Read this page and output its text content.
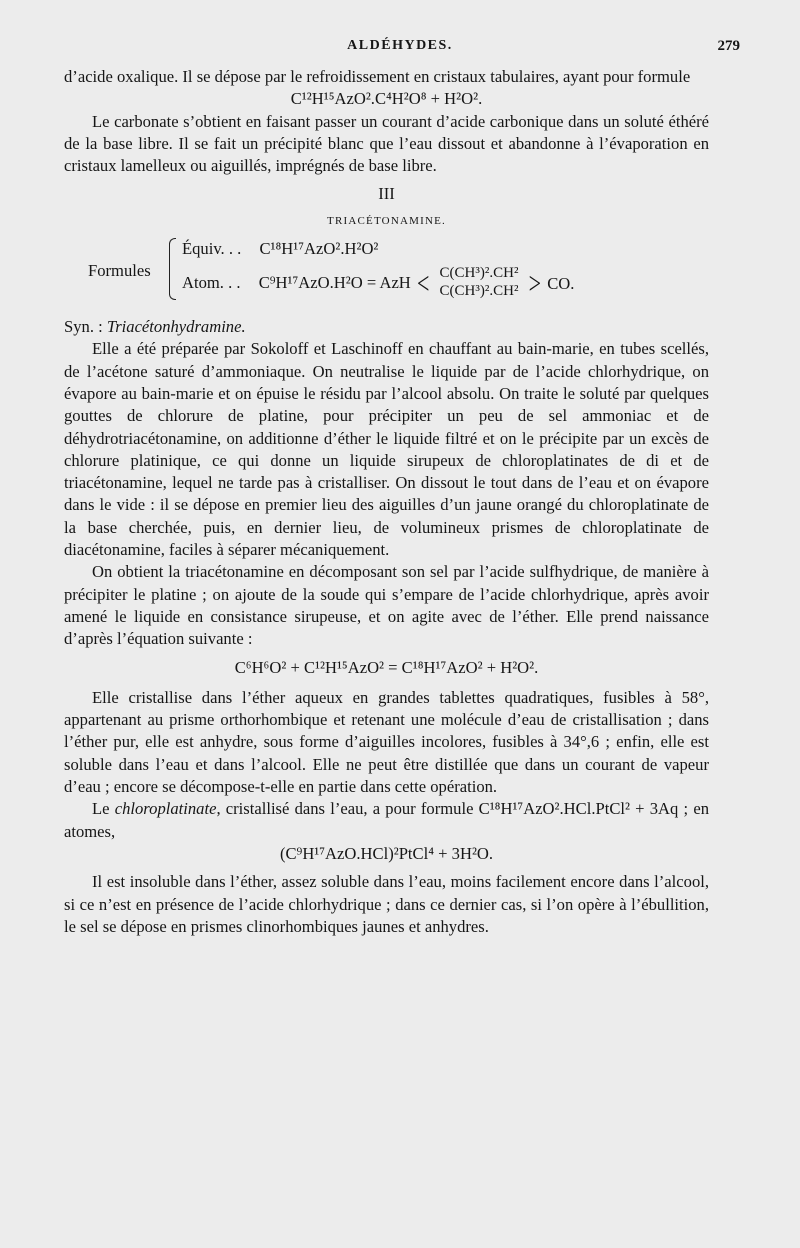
ALDÉHYDES.	279

d’acide oxalique. Il se dépose par le refroidissement en cristaux tabulaires, ayant pour formule

C¹²H¹⁵AzO².C⁴H²O⁸ + H²O².

Le carbonate s’obtient en faisant passer un courant d’acide carbonique dans un soluté éthéré de la base libre. Il se fait un précipité blanc que l’eau dissout et abandonne à l’évaporation en cristaux lamelleux ou aiguillés, imprégnés de base libre.

III

TRIACÉTONAMINE.

Formules
Équiv. . . C¹⁸H¹⁷AzO².H²O²
Atom. . . C⁹H¹⁷AzO.H²O = AzH < C(CH³)².CH²
C(CH³)².CH² > CO.

Syn. : Triacétonhydramine.

Elle a été préparée par Sokoloff et Laschinoff en chauffant au bain-marie, en tubes scellés, de l’acétone saturé d’ammoniaque. On neutralise le liquide par de l’acide chlorhydrique, on évapore au bain-marie et on épuise le résidu par l’alcool absolu. On traite le soluté par quelques gouttes de chlorure de platine, pour précipiter un peu de sel ammoniac et de déhydrotriacétonamine, on additionne d’éther le liquide filtré et on le précipite par un excès de chlorure platinique, ce qui donne un liquide sirupeux de chloroplatinates de di et de triacétonamine, lequel ne tarde pas à cristalliser. On dissout le tout dans de l’eau et on évapore dans le vide : il se dépose en premier lieu des aiguilles d’un jaune orangé du chloroplatinate de la base cherchée, puis, en dernier lieu, de volumineux prismes de chloroplatinate de diacétonamine, faciles à séparer mécaniquement.

On obtient la triacétonamine en décomposant son sel par l’acide sulfhydrique, de manière à précipiter le platine ; on ajoute de la soude qui s’empare de l’acide chlorhydrique, après avoir amené le liquide en consistance sirupeuse, et on agite avec de l’éther. Elle prend naissance d’après l’équation suivante :

C⁶H⁶O² + C¹²H¹⁵AzO² = C¹⁸H¹⁷AzO² + H²O².

Elle cristallise dans l’éther aqueux en grandes tablettes quadratiques, fusibles à 58°, appartenant au prisme orthorhombique et retenant une molécule d’eau de cristallisation ; dans l’éther pur, elle est anhydre, sous forme d’aiguilles incolores, fusibles à 34°,6 ; enfin, elle est soluble dans l’eau et dans l’alcool. Elle ne peut être distillée que dans un courant de vapeur d’eau ; encore se décompose-t-elle en partie dans cette opération.

Le chloroplatinate, cristallisé dans l’eau, a pour formule C¹⁸H¹⁷AzO².HCl.PtCl² + 3Aq ; en atomes,

(C⁹H¹⁷AzO.HCl)²PtCl⁴ + 3H²O.

Il est insoluble dans l’éther, assez soluble dans l’eau, moins facilement encore dans l’alcool, si ce n’est en présence de l’acide chlorhydrique ; dans ce dernier cas, si l’on opère à l’ébullition, le sel se dépose en prismes clinorhombiques jaunes et anhydres.
